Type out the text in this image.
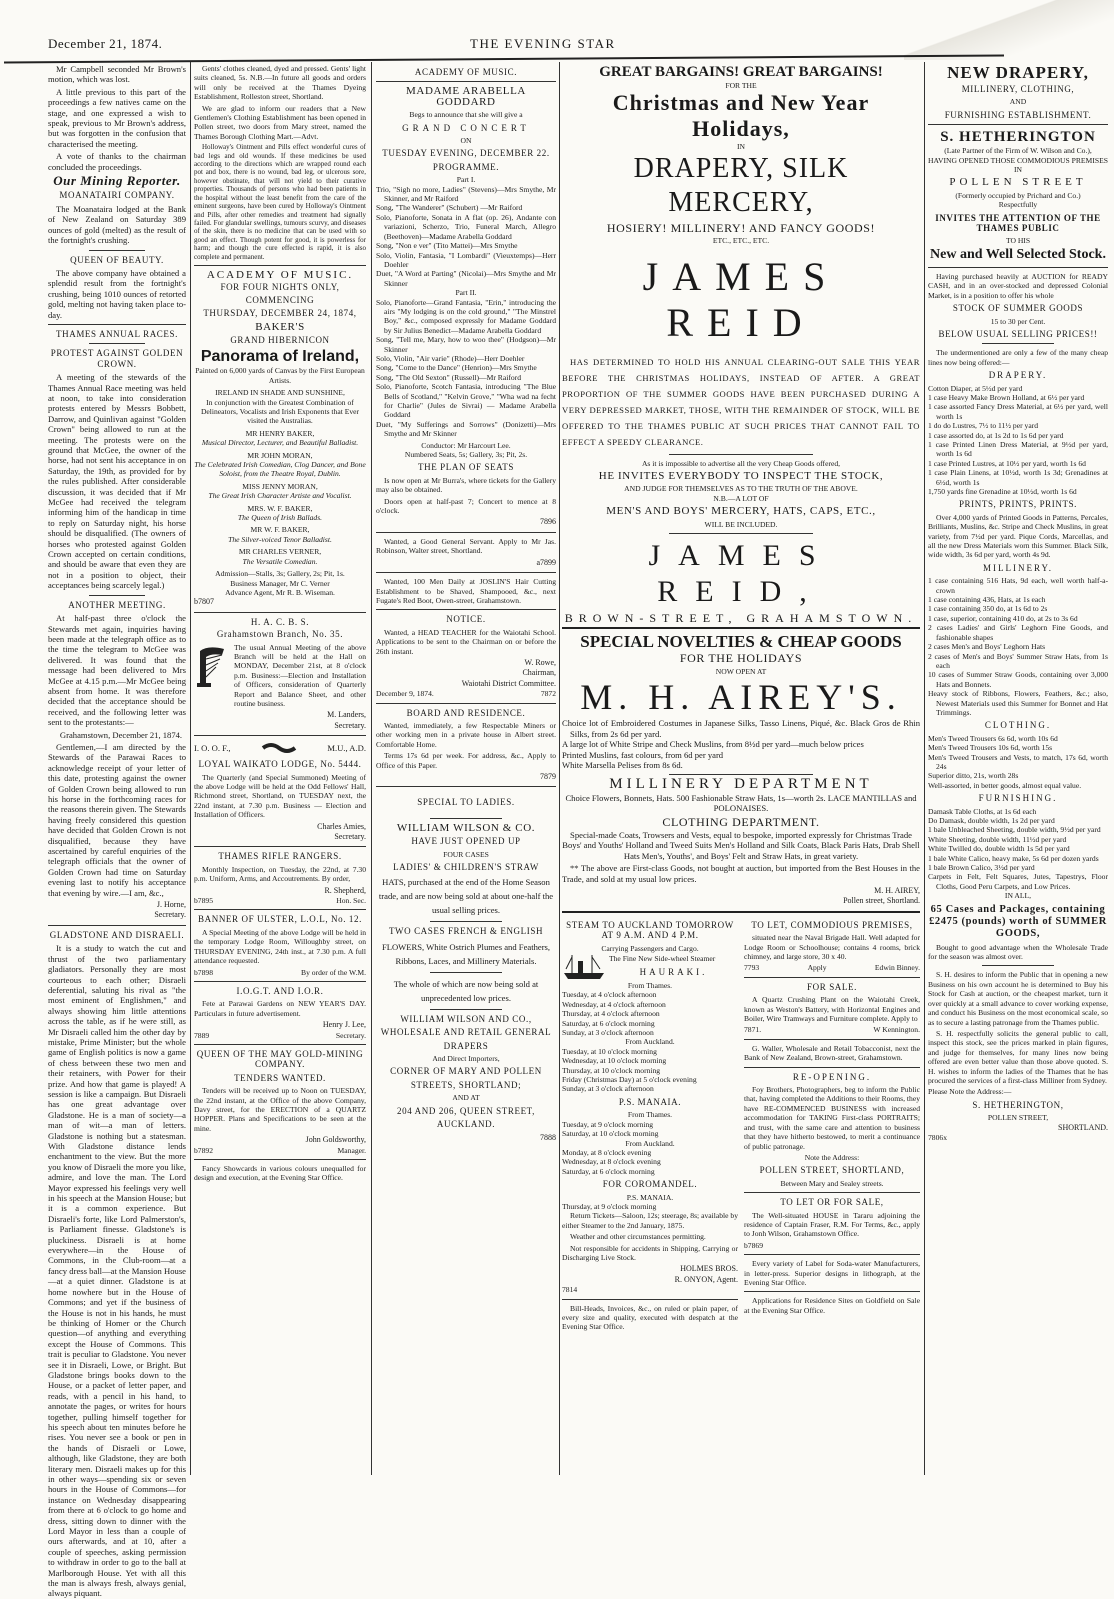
December 21, 1874.	THE EVENING STAR

Mr Campbell seconded Mr Brown's motion, which was lost.

A little previous to this part of the proceedings a few natives came on the stage, and one expressed a wish to speak, previous to Mr Brown's address, but was forgotten in the confusion that characterised the meeting.

A vote of thanks to the chairman concluded the proceedings.

Our Mining Reporter.
MOANATAIRI COMPANY.

The Moanataira lodged at the Bank of New Zealand on Saturday 389 ounces of gold (melted) as the result of the fortnight's crushing.

QUEEN OF BEAUTY.

The above company have obtained a splendid result from the fortnight's crushing, being 1010 ounces of retorted gold, melting not having taken place to-day.

THAMES ANNUAL RACES.
PROTEST AGAINST GOLDEN CROWN.

A meeting of the stewards of the Thames Annual Race meeting was held at noon, to take into consideration protests entered by Messrs Bobbett, Darrow, and Quinlivan against "Golden Crown" being allowed to run at the meeting. The protests were on the ground that McGee, the owner of the horse, had not sent his acceptance in on Saturday, the 19th, as provided for by the rules published. After considerable discussion, it was decided that if Mr McGee had received the telegram informing him of the handicap in time to reply on Saturday night, his horse should be disqualified. (The owners of horses who protested against Golden Crown accepted on certain conditions, and should be aware that even they are not in a position to object, their acceptances being scarcely legal.)

ANOTHER MEETING.

At half-past three o'clock the Stewards met again, inquiries having been made at the telegraph office as to the time the telegram to McGee was delivered. It was found that the message had been delivered to Mrs McGee at 4.15 p.m.—Mr McGee being absent from home. It was therefore decided that the acceptance should be received, and the following letter was sent to the protestants:—

Grahamstown, December 21, 1874.

Gentlemen,—I am directed by the Stewards of the Parawai Races to acknowledge receipt of your letter of this date, protesting against the owner of Golden Crown being allowed to run his horse in the forthcoming races for the reasons therein given. The Stewards having freely considered this question have decided that Golden Crown is not disqualified, because they have ascertained by careful enquiries of the telegraph officials that the owner of Golden Crown had time on Saturday evening last to notify his acceptance that evening by wire.—I am, &c.,

J. Horne,
Secretary.
GLADSTONE AND DISRAELI.

It is a study to watch the cut and thrust of the two parliamentary gladiators. Personally they are most courteous to each other; Disraeli deferential, saluting his rival as "the most eminent of Englishmen," and always showing him little attentions across the table, as if he were still, as Mr Disraeli called him the other day by mistake, Prime Minister; but the whole game of English politics is now a game of chess between these two men and their retainers, with Power for their prize. And how that game is played! A session is like a campaign. But Disraeli has one great advantage over Gladstone. He is a man of society—a man of wit—a man of letters. Gladstone is nothing but a statesman. With Gladstone distance lends enchantment to the view. But the more you know of Disraeli the more you like, admire, and love the man. The Lord Mayor expressed his feelings very well in his speech at the Mansion House; but it is a common experience. But Disraeli's forte, like Lord Palmerston's, is Parliament finesse. Gladstone's is pluckiness. Disraeli is at home everywhere—in the House of Commons, in the Club-room—at a fancy dress ball—at the Mansion House—at a quiet dinner. Gladstone is at home nowhere but in the House of Commons; and yet if the business of the House is not in his hands, he must be thinking of Homer or the Church question—of anything and everything except the House of Commons. This trait is peculiar to Gladstone. You never see it in Disraeli, Lowe, or Bright. But Gladstone brings books down to the House, or a packet of letter paper, and reads, with a pencil in his hand, to annotate the pages, or writes for hours together, pulling himself together for his speech about ten minutes before he rises. You never see a book or pen in the hands of Disraeli or Lowe, although, like Gladstone, they are both literary men. Disraeli makes up for this in other ways—spending six or seven hours in the House of Commons—for instance on Wednesday disappearing from there at 6 o'clock to go home and dress, sitting down to dinner with the Lord Mayor in less than a couple of ours afterwards, and at 10, after a couple of speeches, asking permission to withdraw in order to go to the ball at Marlborough House. Yet with all this the man is always fresh, always genial, always piquant.

Gents' clothes cleaned, dyed and pressed. Gents' light suits cleaned, 5s. N.B.—In future all goods and orders will only be received at the Thames Dyeing Establishment, Rolleston street, Shortland.

We are glad to inform our readers that a New Gentlemen's Clothing Establishment has been opened in Pollen street, two doors from Mary street, named the Thames Borough Clothing Mart.—Advt.

Holloway's Ointment and Pills effect wonderful cures of bad legs and old wounds. If these medicines be used according to the directions which are wrapped round each pot and box, there is no wound, bad leg, or ulcerous sore, however obstinate, that will not yield to their curative properties. Thousands of persons who had been patients in the hospital without the least benefit from the care of the eminent surgeons, have been cured by Holloway's Ointment and Pills, after other remedies and treatment had signally failed. For glandular swellings, tumours scurvy, and diseases of the skin, there is no medicine that can be used with so good an effect. Though potent for good, it is powerless for harm; and though the cure effected is rapid, it is also complete and permanent.

ACADEMY OF MUSIC.
FOR FOUR NIGHTS ONLY,
COMMENCING
THURSDAY, DECEMBER 24, 1874,
BAKER'S
GRAND HIBERNICON
Panorama of Ireland,
Painted on 6,000 yards of Canvas by the First European Artists.
IRELAND IN SHADE AND SUNSHINE,
In conjunction with the Greatest Combination of Delineators, Vocalists and Irish Exponents that Ever visited the Australias.
MR HENRY BAKER,
Musical Director, Lecturer, and Beautiful Balladist.
MR JOHN MORAN,
The Celebrated Irish Comedian, Clog Dancer, and Bone Soloist, from the Theatre Royal, Dublin.
MISS JENNY MORAN,
The Great Irish Character Artiste and Vocalist.
MRS. W. F. BAKER,
The Queen of Irish Ballads.
MR W. F. BAKER,
The Silver-voiced Tenor Balladist.
MR CHARLES VERNER,
The Versatile Comedian.
Admission—Stalls, 3s; Gallery, 2s; Pit, 1s.
Business Manager, Mr C. Verner
Advance Agent, Mr R. B. Wiseman.
b7807
H. A. C. B. S.
Grahamstown Branch, No. 35.

The usual Annual Meeting of the above Branch will be held at the Hall on MONDAY, December 21st, at 8 o'clock p.m. Business:—Election and Installation of Officers, consideration of Quarterly Report and Balance Sheet, and other routine business.

M. Landers,
Secretary.
I. O. O. F.,	M.U., A.D.
LOYAL WAIKATO LODGE, No. 5444.

The Quarterly (and Special Summoned) Meeting of the above Lodge will be held at the Odd Fellows' Hall, Richmond street, Shortland, on TUESDAY next, the 22nd instant, at 7.30 p.m. Business — Election and Installation of Officers.

Charles Amies,
Secretary.
THAMES RIFLE RANGERS.

Monthly Inspection, on Tuesday, the 22nd, at 7.30 p.m. Uniform, Arms, and Accoutrements. By order,

R. Shepherd,
b7895	Hon. Sec.
BANNER OF ULSTER, L.O.L, No. 12.

A Special Meeting of the above Lodge will be held in the temporary Lodge Room, Willoughby street, on THURSDAY EVENING, 24th inst., at 7.30 p.m. A full attendance requested.

b7898	By order of the W.M.
I.O.G.T. AND I.O.R.

Fete at Parawai Gardens on NEW YEAR'S DAY. Particulars in future advertisement.

Henry J. Lee,
7889	Secretary.
QUEEN OF THE MAY GOLD-MINING COMPANY.
TENDERS WANTED.

Tenders will be received up to Noon on TUESDAY, the 22nd instant, at the Office of the above Company, Davy street, for the ERECTION of a QUARTZ HOPPER. Plans and Specifications to be seen at the mine.

John Goldsworthy,
b7892	Manager.

Fancy Showcards in various colours unequalled for design and execution, at the Evening Star Office.

ACADEMY OF MUSIC.
MADAME ARABELLA GODDARD
Begs to announce that she will give a
GRAND CONCERT
ON
TUESDAY EVENING, DECEMBER 22.
PROGRAMME.
Part I.
Trio, "Sigh no more, Ladies" (Stevens)—Mrs Smythe, Mr Skinner, and Mr Raiford
Song, "The Wanderer" (Schubert) —Mr Raiford
Solo, Pianoforte, Sonata in A flat (op. 26), Andante con variazioni, Scherzo, Trio, Funeral March, Allegro (Beethoven)—Madame Arabella Goddard
Song, "Non e ver" (Tito Mattei)—Mrs Smythe
Solo, Violin, Fantasia, "I Lombardi" (Vieuxtemps)—Herr Doehler
Duet, "A Word at Parting" (Nicolai)—Mrs Smythe and Mr Skinner
Part II.
Solo, Pianoforte—Grand Fantasia, "Erin," introducing the airs "My lodging is on the cold ground," "The Minstrel Boy," &c., composed expressly for Madame Goddard by Sir Julius Benedict—Madame Arabella Goddard
Song, "Tell me, Mary, how to woo thee" (Hodgson)—Mr Skinner
Solo, Violin, "Air varie" (Rhode)—Herr Doehler
Song, "Come to the Dance" (Henrion)—Mrs Smythe
Song, "The Old Sexton" (Russell)—Mr Raiford
Solo, Pianoforte, Scotch Fantasia, introducing "The Blue Bells of Scotland," "Kelvin Grove," "Wha wad na fecht for Charlie" (Jules de Sivrai) — Madame Arabella Goddard
Duet, "My Sufferings and Sorrows" (Donizetti)—Mrs Smythe and Mr Skinner
Conductor: Mr Harcourt Lee.
Numbered Seats, 5s; Gallery, 3s; Pit, 2s.
THE PLAN OF SEATS

Is now open at Mr Burra's, where tickets for the Gallery may also be obtained.

Doors open at half-past 7; Concert to mence at 8 o'clock.

7896

Wanted, a Good General Servant. Apply to Mr Jas. Robinson, Walter street, Shortland.

a7899

Wanted, 100 Men Daily at JOSLIN'S Hair Cutting Establishment to be Shaved, Shampooed, &c., next Fugate's Red Boot, Owen-street, Grahamstown.

NOTICE.

Wanted, a HEAD TEACHER for the Waiotahi School. Applications to be sent to the Chairman on or before the 26th instant.

W. Rowe,
Chairman,
Waiotahi District Committee.
December 9, 1874.	7872
BOARD AND RESIDENCE.

Wanted, immediately, a few Respectable Miners or other working men in a private house in Albert street. Comfortable Home.

Terms 17s 6d per week. For address, &c., Apply to Office of this Paper.

7879
SPECIAL TO LADIES.
WILLIAM WILSON & CO.
HAVE JUST OPENED UP
FOUR CASES
LADIES' & CHILDREN'S STRAW

HATS, purchased at the end of the Home Season trade, and are now being sold at about one-half the usual selling prices.

TWO CASES FRENCH & ENGLISH

FLOWERS, White Ostrich Plumes and Feathers, Ribbons, Laces, and Millinery Materials.

The whole of which are now being sold at unprecedented low prices.

WILLIAM WILSON AND CO.,
WHOLESALE AND RETAIL GENERAL
DRAPERS
And Direct Importers,
CORNER OF MARY AND POLLEN
STREETS, SHORTLAND;
AND AT
204 AND 206, QUEEN STREET,
AUCKLAND.
7888
GREAT BARGAINS! GREAT BARGAINS!
FOR THE
Christmas and New Year Holidays,
IN
DRAPERY, SILK MERCERY,
HOSIERY! MILLINERY! AND FANCY GOODS!
ETC., ETC., ETC.
JAMES REID

HAS DETERMINED TO HOLD HIS ANNUAL CLEARING-OUT SALE THIS YEAR BEFORE THE CHRISTMAS HOLIDAYS, INSTEAD OF AFTER. A GREAT PROPORTION OF THE SUMMER GOODS HAVE BEEN PURCHASED DURING A VERY DEPRESSED MARKET, THOSE, WITH THE REMAINDER OF STOCK, WILL BE OFFERED TO THE THAMES PUBLIC AT SUCH PRICES THAT CANNOT FAIL TO EFFECT A SPEEDY CLEARANCE.

As it is impossible to advertise all the very Cheap Goods offered,
HE INVITES EVERYBODY TO INSPECT THE STOCK,
AND JUDGE FOR THEMSELVES AS TO THE TRUTH OF THE ABOVE.
N.B.—A LOT OF
MEN'S AND BOYS' MERCERY, HATS, CAPS, ETC.,
WILL BE INCLUDED.
JAMES REID,
BROWN-STREET, GRAHAMSTOWN.
SPECIAL NOVELTIES & CHEAP GOODS
FOR THE HOLIDAYS
NOW OPEN AT
M. H. AIREY'S.
Choice lot of Embroidered Costumes in Japanese Silks, Tasso Linens, Piqué, &c. Black Gros de Rhin Silks, from 2s 6d per yard.
A large lot of White Stripe and Check Muslins, from 8½d per yard—much below prices
Printed Muslins, fast colours, from 6d per yard
White Marsella Pelises from 8s 6d.
MILLINERY DEPARTMENT

Choice Flowers, Bonnets, Hats. 500 Fashionable Straw Hats, 1s—worth 2s. LACE MANTILLAS and POLONAISES.

CLOTHING DEPARTMENT.

Special-made Coats, Trowsers and Vests, equal to bespoke, imported expressly for Christmas Trade Boys' and Youths' Holland and Tweed Suits Men's Holland and Silk Coats, Black Paris Hats, Drab Shell Hats Men's, Youths', and Boys' Felt and Straw Hats, in great variety.

** The above are First-class Goods, not bought at auction, but imported from the Best Houses in the Trade, and sold at my usual low prices.

M. H. AIREY,
Pollen street, Shortland.
STEAM TO AUCKLAND TOMORROW AT 9 A.M. AND 4 P.M.
Carrying Passengers and Cargo.
The Fine New Side-wheel Steamer
HAURAKI.
From Thames.
Tuesday, at 4 o'clock afternoon
Wednesday, at 4 o'clock afternoon
Thursday, at 4 o'clock afternoon
Saturday, at 6 o'clock morning
Sunday, at 3 o'clock afternoon
From Auckland.
Tuesday, at 10 o'clock morning
Wednesday, at 10 o'clock morning
Thursday, at 10 o'clock morning
Friday (Christmas Day) at 5 o'clock evening
Sunday, at 3 o'clock afternoon
P.S. MANAIA.
From Thames.
Tuesday, at 9 o'clock morning
Saturday, at 10 o'clock morning
From Auckland.
Monday, at 8 o'clock evening
Wednesday, at 8 o'clock evening
Saturday, at 6 o'clock morning
FOR COROMANDEL.
P.S. MANAIA.
Thursday, at 9 o'clock morning

Return Tickets—Saloon, 12s; steerage, 8s; available by either Steamer to the 2nd January, 1875.

Weather and other circumstances permitting.

Not responsible for accidents in Shipping, Carrying or Discharging Live Stock.

HOLMES BROS.
R. ONYON, Agent.
7814

Bill-Heads, Invoices, &c., on ruled or plain paper, of every size and quality, executed with despatch at the Evening Star Office.

TO LET, COMMODIOUS PREMISES,

situated near the Naval Brigade Hall. Well adapted for Lodge Room or Schoolhouse; contains 4 rooms, brick chimney, and large store, 30 x 40.

7793	Apply	Edwin Binney.
FOR SALE.

A Quartz Crushing Plant on the Waiotahi Creek, known as Weston's Battery, with Horizontal Engines and Boiler, Wire Tramways and Furniture complete. Apply to

7871.	W Kennington.

G. Waller, Wholesale and Retail Tobacconist, next the Bank of New Zealand, Brown-street, Grahamstown.

RE-OPENING.

Foy Brothers, Photographers, beg to inform the Public that, having completed the Additions to their Rooms, they have RE-COMMENCED BUSINESS with increased accommodation for TAKING First-class PORTRAITS; and trust, with the same care and attention to business that they have hitherto bestowed, to merit a continuance of public patronage.

Note the Address:
POLLEN STREET, SHORTLAND,
Between Mary and Sealey streets.
TO LET OR FOR SALE,

The Well-situated HOUSE in Tararu adjoining the residence of Captain Fraser, R.M. For Terms, &c., apply to Jonh Wilson, Grahamstown Office.

b7869

Every variety of Label for Soda-water Manufacturers, in letter-press. Superior designs in lithograph, at the Evening Star Office.

Applications for Residence Sites on Goldfield on Sale at the Evening Star Office.

NEW DRAPERY,
MILLINERY, CLOTHING,
AND
FURNISHING ESTABLISHMENT.
S. HETHERINGTON
(Late Partner of the Firm of W. Wilson and Co.),
HAVING OPENED THOSE COMMODIOUS PREMISES IN
POLLEN STREET
(Formerly occupied by Prichard and Co.)
Respectfully
INVITES THE ATTENTION OF THE THAMES PUBLIC
TO HIS
New and Well Selected Stock.

Having purchased heavily at AUCTION for READY CASH, and in an over-stocked and depressed Colonial Market, is in a position to offer his whole

STOCK OF SUMMER GOODS
15 to 30 per Cent.
BELOW USUAL SELLING PRICES!!

The undermentioned are only a few of the many cheap lines now being offered:—

DRAPERY.
Cotton Diaper, at 5½d per yard
1 case Heavy Make Brown Holland, at 6½ per yard
1 case assorted Fancy Dress Material, at 6½ per yard, well worth 1s
1 do do Lustres, 7½ to 11½ per yard
1 case assorted do, at 1s 2d to 1s 6d per yard
1 case Printed Linen Dress Material, at 9½d per yard, worth 1s 6d
1 case Printed Lustres, at 10½ per yard, worth 1s 6d
1 case Plain Linens, at 10½d, worth 1s 3d; Grenadines at 6½d, worth 1s
1,750 yards fine Grenadine at 10½d, worth 1s 6d
PRINTS, PRINTS, PRINTS.

Over 4,000 yards of Printed Goods in Patterns, Percales, Brilliants, Muslins, &c. Stripe and Check Muslins, in great variety, from 7½d per yard. Pique Cords, Marcellas, and all the new Dress Materials worn this Summer. Black Silk, wide width, 3s 6d per yard, worth 4s 9d.

MILLINERY.
1 case containing 516 Hats, 9d each, well worth half-a-crown
1 case containing 436, Hats, at 1s each
1 case containing 350 do, at 1s 6d to 2s
1 case, superior, containing 410 do, at 2s to 3s 6d
2 cases Ladies' and Girls' Leghorn Fine Goods, and fashionable shapes
2 cases Men's and Boys' Leghorn Hats
2 cases of Men's and Boys' Summer Straw Hats, from 1s each
10 cases of Summer Straw Goods, containing over 3,000 Hats and Bonnets.
Heavy stock of Ribbons, Flowers, Feathers, &c.; also, Newest Materials used this Summer for Bonnet and Hat Trimmings.
CLOTHING.
Men's Tweed Trousers 6s 6d, worth 10s 6d
Men's Tweed Trousers 10s 6d, worth 15s
Men's Tweed Trousers and Vests, to match, 17s 6d, worth 24s
Superior ditto, 21s, worth 28s
Well-assorted, in better goods, almost equal value.
FURNISHING.
Damask Table Cloths, at 1s 6d each
Do Damask, double width, 1s 2d per yard
1 bale Unbleached Sheeting, double width, 9½d per yard
White Sheeting, double width, 11½d per yard
White Twilled do, double width 1s 5d per yard
1 bale White Calico, heavy make, 5s 6d per dozen yards
1 bale Brown Calico, 3½d per yard
Carpets in Felt, Felt Squares, Jutes, Tapestrys, Floor Cloths, Good Peru Carpets, and Low Prices.
IN ALL,
65 Cases and Packages, containing £2475 (pounds) worth of SUMMER GOODS,

Bought to good advantage when the Wholesale Trade for the season was almost over.

S. H. desires to inform the Public that in opening a new Business on his own account he is determined to Buy his Stock for Cash at auction, or the cheapest market, turn it over quickly at a small advance to cover working expense, and conduct his Business on the most economical scale, so as to secure a lasting patronage from the Thames public.

S. H. respectfully solicits the general public to call, inspect this stock, see the prices marked in plain figures, and judge for themselves, for many lines now being offered are even better value than those above quoted. S. H. wishes to inform the ladies of the Thames that he has procured the services of a first-class Milliner from Sydney.

Please Note the Address:—
S. HETHERINGTON,
POLLEN STREET,
SHORTLAND.
7806x
